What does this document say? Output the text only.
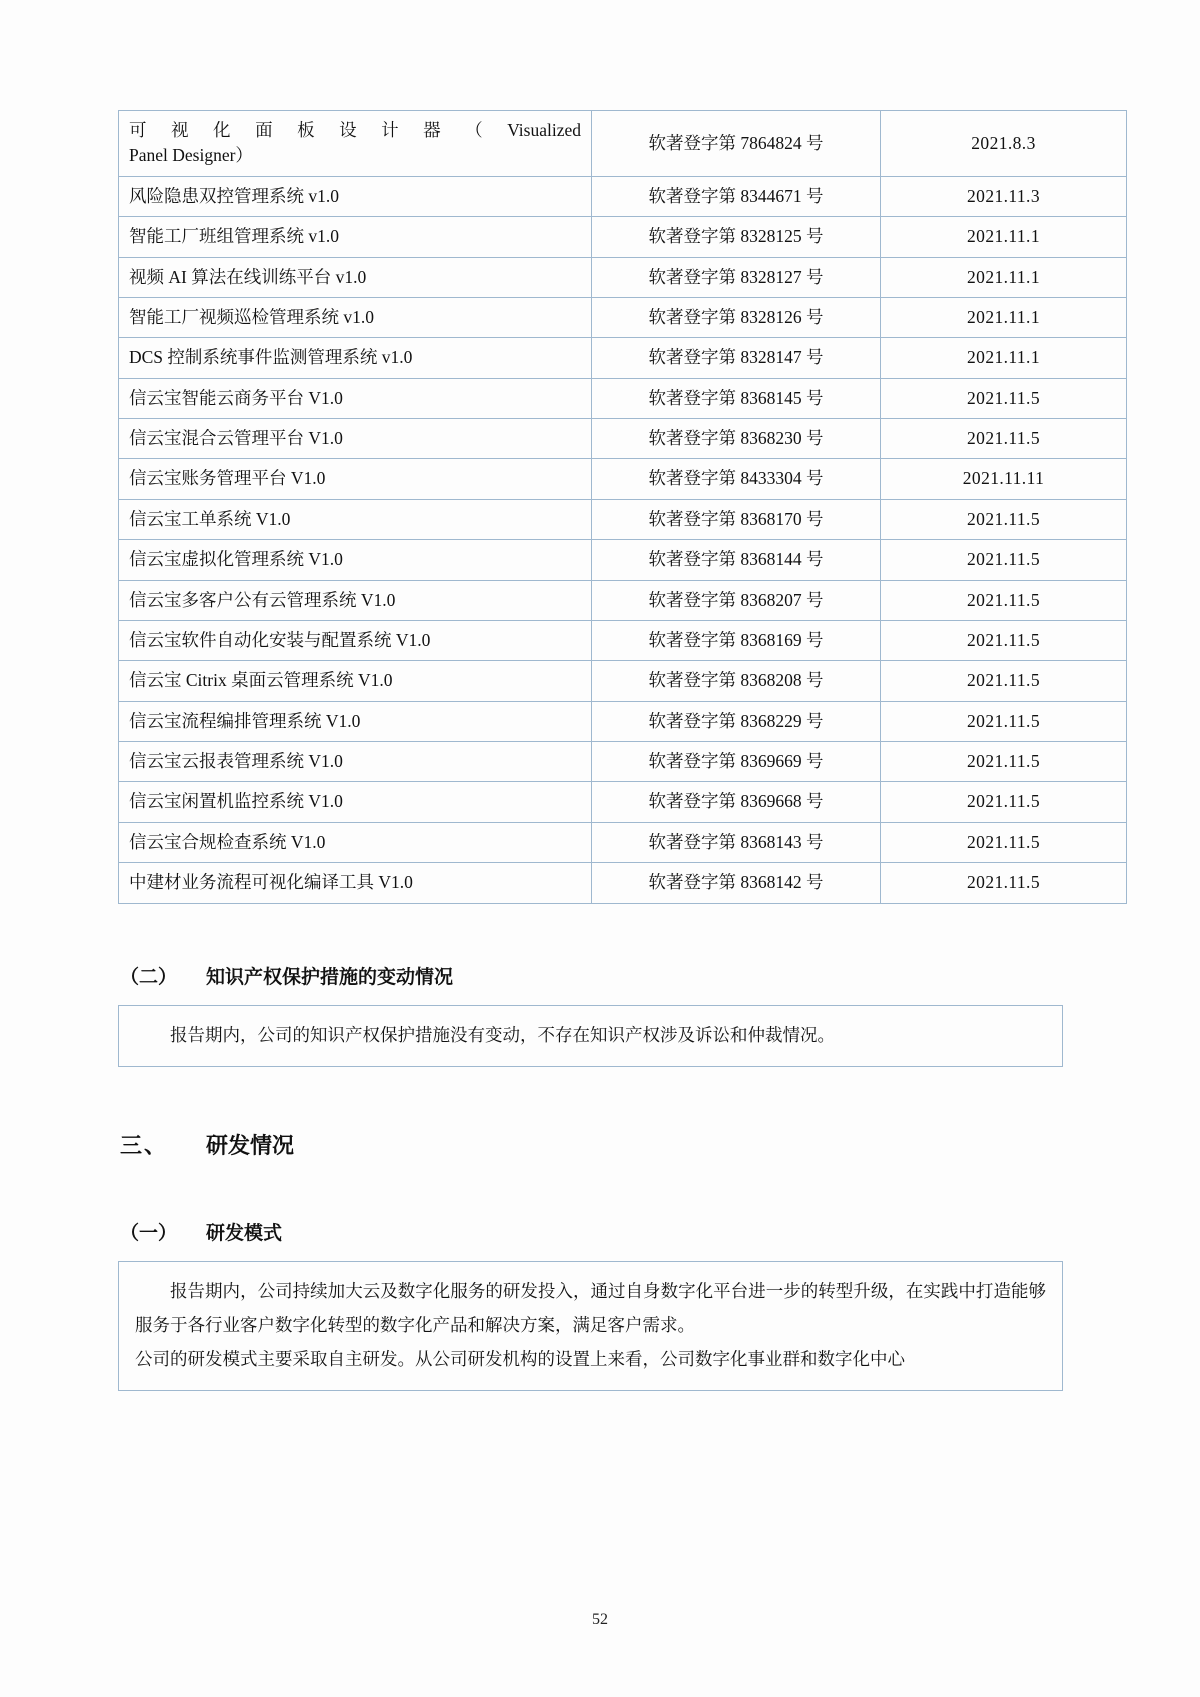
可视化面板设计器（Visualized
Panel Designer）	软著登字第 7864824 号	2021.8.3
风险隐患双控管理系统 v1.0	软著登字第 8344671 号	2021.11.3
智能工厂班组管理系统 v1.0	软著登字第 8328125 号	2021.11.1
视频 AI 算法在线训练平台 v1.0	软著登字第 8328127 号	2021.11.1
智能工厂视频巡检管理系统 v1.0	软著登字第 8328126 号	2021.11.1
DCS 控制系统事件监测管理系统 v1.0	软著登字第 8328147 号	2021.11.1
信云宝智能云商务平台 V1.0	软著登字第 8368145 号	2021.11.5
信云宝混合云管理平台 V1.0	软著登字第 8368230 号	2021.11.5
信云宝账务管理平台 V1.0	软著登字第 8433304 号	2021.11.11
信云宝工单系统 V1.0	软著登字第 8368170 号	2021.11.5
信云宝虚拟化管理系统 V1.0	软著登字第 8368144 号	2021.11.5
信云宝多客户公有云管理系统 V1.0	软著登字第 8368207 号	2021.11.5
信云宝软件自动化安装与配置系统 V1.0	软著登字第 8368169 号	2021.11.5
信云宝 Citrix 桌面云管理系统 V1.0	软著登字第 8368208 号	2021.11.5
信云宝流程编排管理系统 V1.0	软著登字第 8368229 号	2021.11.5
信云宝云报表管理系统 V1.0	软著登字第 8369669 号	2021.11.5
信云宝闲置机监控系统 V1.0	软著登字第 8369668 号	2021.11.5
信云宝合规检查系统 V1.0	软著登字第 8368143 号	2021.11.5
中建材业务流程可视化编译工具 V1.0	软著登字第 8368142 号	2021.11.5
（二）	知识产权保护措施的变动情况

报告期内，公司的知识产权保护措施没有变动，不存在知识产权涉及诉讼和仲裁情况。

三、	研发情况
（一）	研发模式

报告期内，公司持续加大云及数字化服务的研发投入，通过自身数字化平台进一步的转型升级，在实践中打造能够服务于各行业客户数字化转型的数字化产品和解决方案，满足客户需求。

公司的研发模式主要采取自主研发。从公司研发机构的设置上来看，公司数字化事业群和数字化中心

52
